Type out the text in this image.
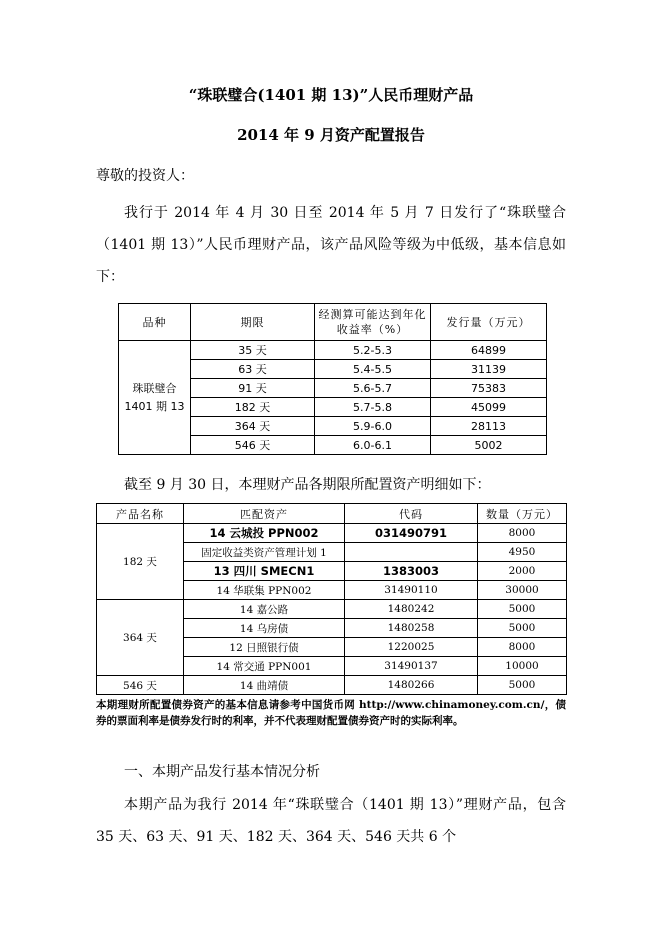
“珠联璧合(1401 期 13)”人民币理财产品

2014 年 9 月资产配置报告

尊敬的投资人：

我行于 2014 年 4 月 30 日至 2014 年 5 月 7 日发行了“珠联璧合（1401 期 13）”人民币理财产品，该产品风险等级为中低级，基本信息如下：

品种	期限	经测算可能达到年化收益率（%）	发行量（万元）

珠联璧合
1401 期 13	35 天	5.2-5.3	64899
	63 天	5.4-5.5	31139
	91 天	5.6-5.7	75383
	182 天	5.7-5.8	45099
	364 天	5.9-6.0	28113
	546 天	6.0-6.1	5002

截至 9 月 30 日，本理财产品各期限所配置资产明细如下：

产品名称	匹配资产	代码	数量（万元）
182 天	14 云城投 PPN002	031490791	8000
	固定收益类资产管理计划 1		4950
	13 四川 SMECN1	1383003	2000
	14 华联集 PPN002	31490110	30000
364 天	14 嘉公路	1480242	5000
	14 乌房债	1480258	5000
	12 日照银行债	1220025	8000
	14 常交通 PPN001	31490137	10000
546 天	14 曲靖债	1480266	5000

本期理财所配置债券资产的基本信息请参考中国货币网 http://www.chinamoney.com.cn/，债券的票面利率是债券发行时的利率，并不代表理财配置债券资产时的实际利率。

一、本期产品发行基本情况分析

本期产品为我行 2014 年“珠联璧合（1401 期 13）”理财产品，包含 35 天、63 天、91 天、182 天、364 天、546 天共 6 个
